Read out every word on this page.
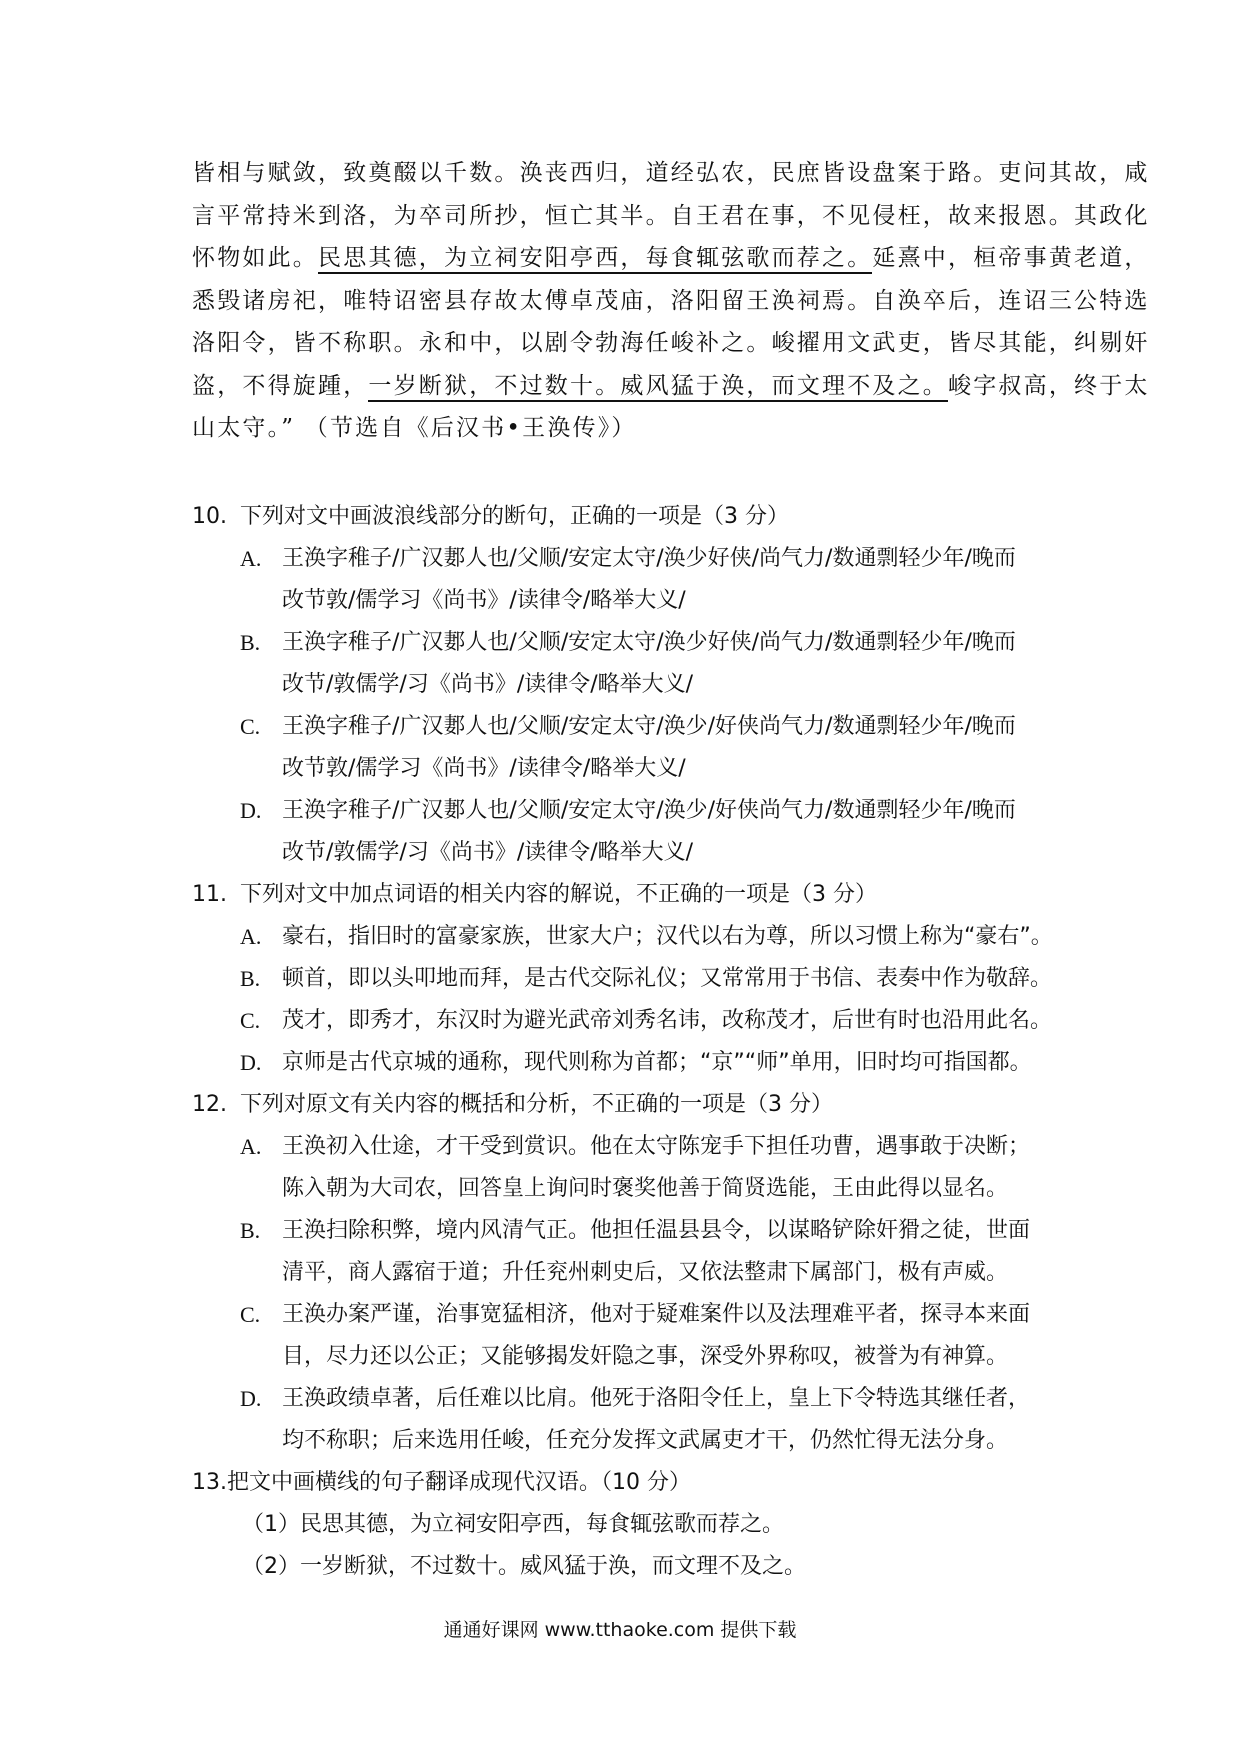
皆相与赋敛，致奠醊以千数。涣丧西归，道经弘农，民庶皆设盘案于路。吏问其故，咸
言平常持米到洛，为卒司所抄，恒亡其半。自王君在事，不见侵枉，故来报恩。其政化
怀物如此。民思其德，为立祠安阳亭西，每食辄弦歌而荐之。延熹中，桓帝事黄老道，
悉毁诸房祀，唯特诏密县存故太傅卓茂庙，洛阳留王涣祠焉。自涣卒后，连诏三公特选
洛阳令，皆不称职。永和中，以剧令勃海任峻补之。峻擢用文武吏，皆尽其能，纠剔奸
盗，不得旋踵，一岁断狱，不过数十。威风猛于涣，而文理不及之。峻字叔高，终于太
山太守。” （节选自《后汉书•王涣传》）
10. 下列对文中画波浪线部分的断句，正确的一项是（3 分）
A. 王涣字稚子/广汉郪人也/父顺/安定太守/涣少好侠/尚气力/数通剽轻少年/晚而
改节敦/儒学习《尚书》/读律令/略举大义/
B. 王涣字稚子/广汉郪人也/父顺/安定太守/涣少好侠/尚气力/数通剽轻少年/晚而
改节/敦儒学/习《尚书》/读律令/略举大义/
C. 王涣字稚子/广汉郪人也/父顺/安定太守/涣少/好侠尚气力/数通剽轻少年/晚而
改节敦/儒学习《尚书》/读律令/略举大义/
D. 王涣字稚子/广汉郪人也/父顺/安定太守/涣少/好侠尚气力/数通剽轻少年/晚而
改节/敦儒学/习《尚书》/读律令/略举大义/
11. 下列对文中加点词语的相关内容的解说，不正确的一项是（3 分）
A. 豪右，指旧时的富豪家族，世家大户；汉代以右为尊，所以习惯上称为“豪右”。
B. 顿首，即以头叩地而拜，是古代交际礼仪；又常常用于书信、表奏中作为敬辞。
C. 茂才，即秀才，东汉时为避光武帝刘秀名讳，改称茂才，后世有时也沿用此名。
D. 京师是古代京城的通称，现代则称为首都；“京”“师”单用，旧时均可指国都。
12. 下列对原文有关内容的概括和分析，不正确的一项是（3 分）
A. 王涣初入仕途，才干受到赏识。他在太守陈宠手下担任功曹，遇事敢于决断；
陈入朝为大司农，回答皇上询问时褒奖他善于简贤选能，王由此得以显名。
B. 王涣扫除积弊，境内风清气正。他担任温县县令，以谋略铲除奸猾之徒，世面
清平，商人露宿于道；升任兖州刺史后，又依法整肃下属部门，极有声威。
C. 王涣办案严谨，治事宽猛相济，他对于疑难案件以及法理难平者，探寻本来面
目，尽力还以公正；又能够揭发奸隐之事，深受外界称叹，被誉为有神算。
D. 王涣政绩卓著，后任难以比肩。他死于洛阳令任上，皇上下令特选其继任者，
均不称职；后来选用任峻，任充分发挥文武属吏才干，仍然忙得无法分身。
13.把文中画横线的句子翻译成现代汉语。（10 分）
（1）民思其德，为立祠安阳亭西，每食辄弦歌而荐之。
（2）一岁断狱，不过数十。威风猛于涣，而文理不及之。
通通好课网 www.tthaoke.com 提供下载
